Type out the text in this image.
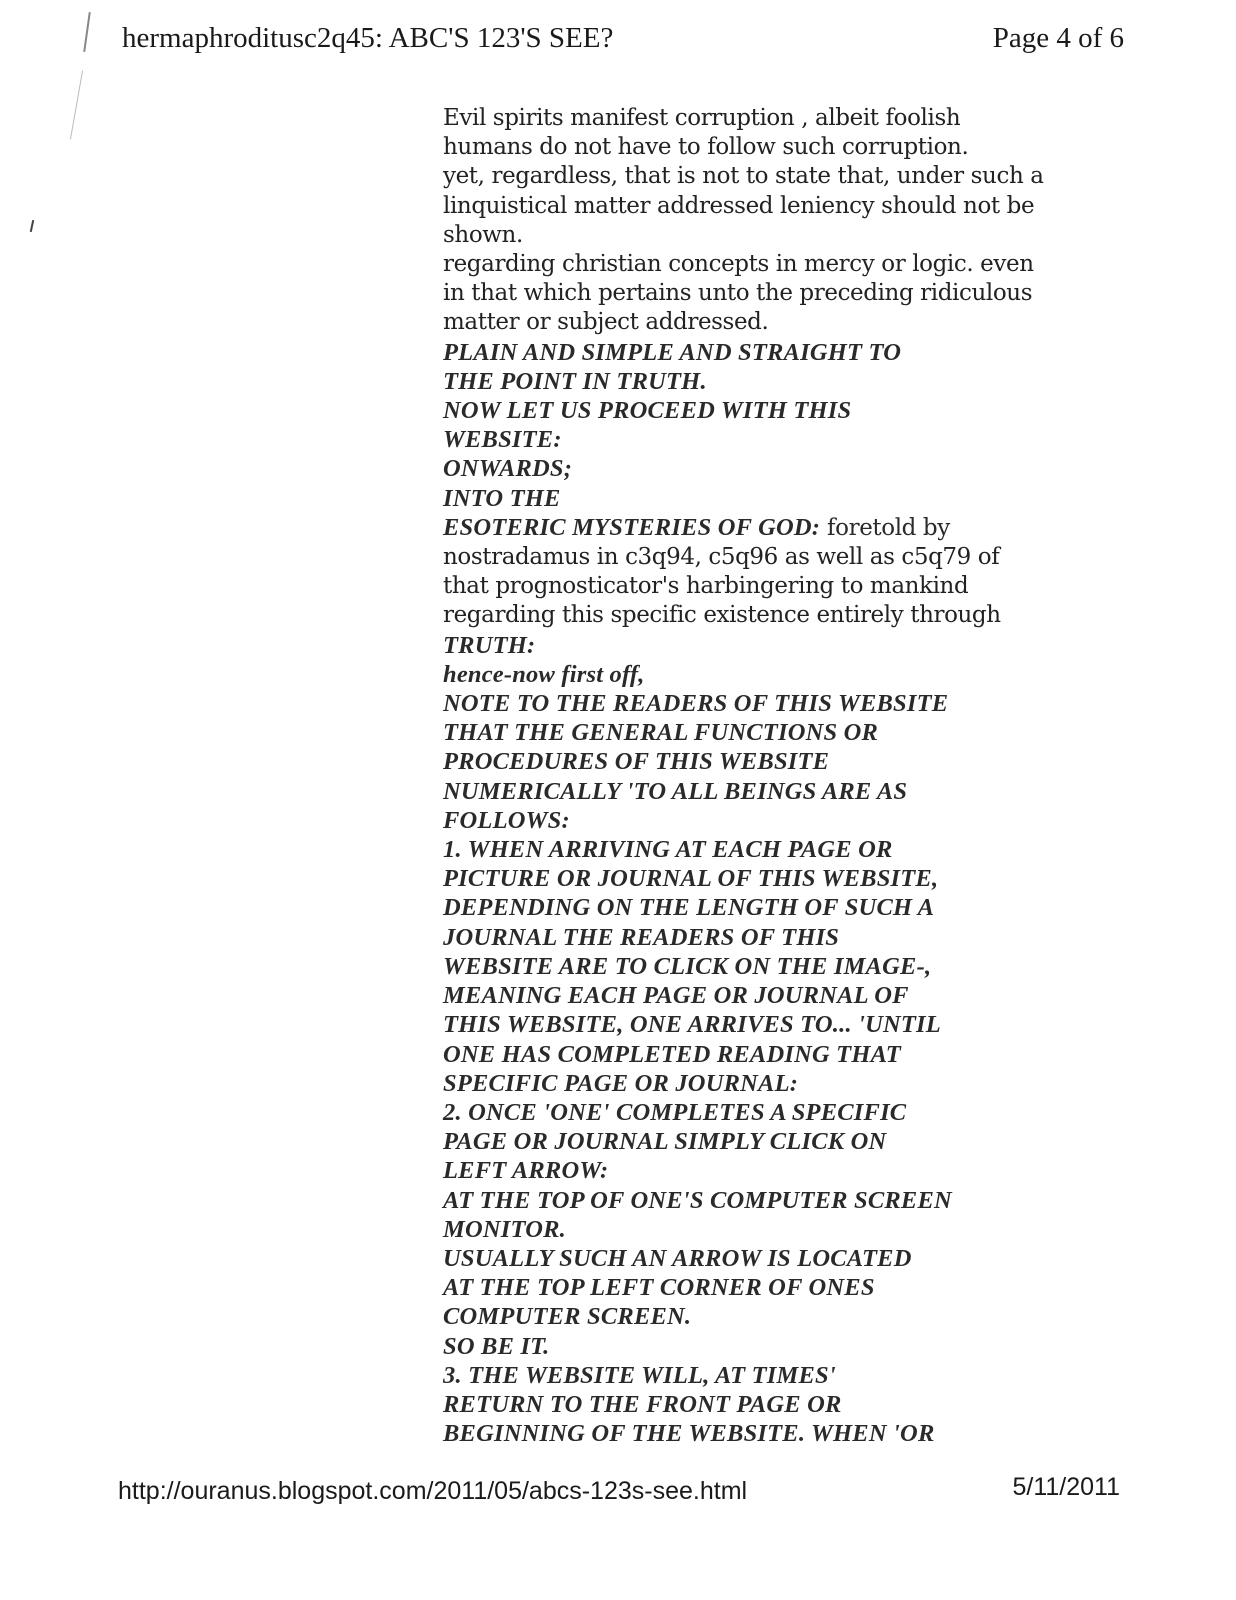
hermaphroditusc2q45: ABC'S 123'S SEE?	Page 4 of 6
Evil spirits manifest corruption , albeit foolish
humans do not have to follow such corruption.
yet, regardless, that is not to state that, under such a
linquistical matter addressed leniency should not be
shown.
regarding christian concepts in mercy or logic. even
in that which pertains unto the preceding ridiculous
matter or subject addressed.
PLAIN AND SIMPLE AND STRAIGHT TO
THE POINT IN TRUTH.
NOW LET US PROCEED WITH THIS
WEBSITE:
ONWARDS;
INTO THE
ESOTERIC MYSTERIES OF GOD: foretold by
nostradamus in c3q94, c5q96 as well as c5q79 of
that prognosticator's harbingering to mankind
regarding this specific existence entirely through
TRUTH:
hence-now first off,
NOTE TO THE READERS OF THIS WEBSITE
THAT THE GENERAL FUNCTIONS OR
PROCEDURES OF THIS WEBSITE
NUMERICALLY 'TO ALL BEINGS ARE AS
FOLLOWS:
1. WHEN ARRIVING AT EACH PAGE OR
PICTURE OR JOURNAL OF THIS WEBSITE,
DEPENDING ON THE LENGTH OF SUCH A
JOURNAL THE READERS OF THIS
WEBSITE ARE TO CLICK ON THE IMAGE-,
MEANING EACH PAGE OR JOURNAL OF
THIS WEBSITE, ONE ARRIVES TO... 'UNTIL
ONE HAS COMPLETED READING THAT
SPECIFIC PAGE OR JOURNAL:
2. ONCE 'ONE' COMPLETES A SPECIFIC
PAGE OR JOURNAL SIMPLY CLICK ON
LEFT ARROW:
AT THE TOP OF ONE'S COMPUTER SCREEN
MONITOR.
USUALLY SUCH AN ARROW IS LOCATED
AT THE TOP LEFT CORNER OF ONES
COMPUTER SCREEN.
SO BE IT.
3. THE WEBSITE WILL, AT TIMES'
RETURN TO THE FRONT PAGE OR
BEGINNING OF THE WEBSITE. WHEN 'OR
http://ouranus.blogspot.com/2011/05/abcs-123s-see.html	5/11/2011
